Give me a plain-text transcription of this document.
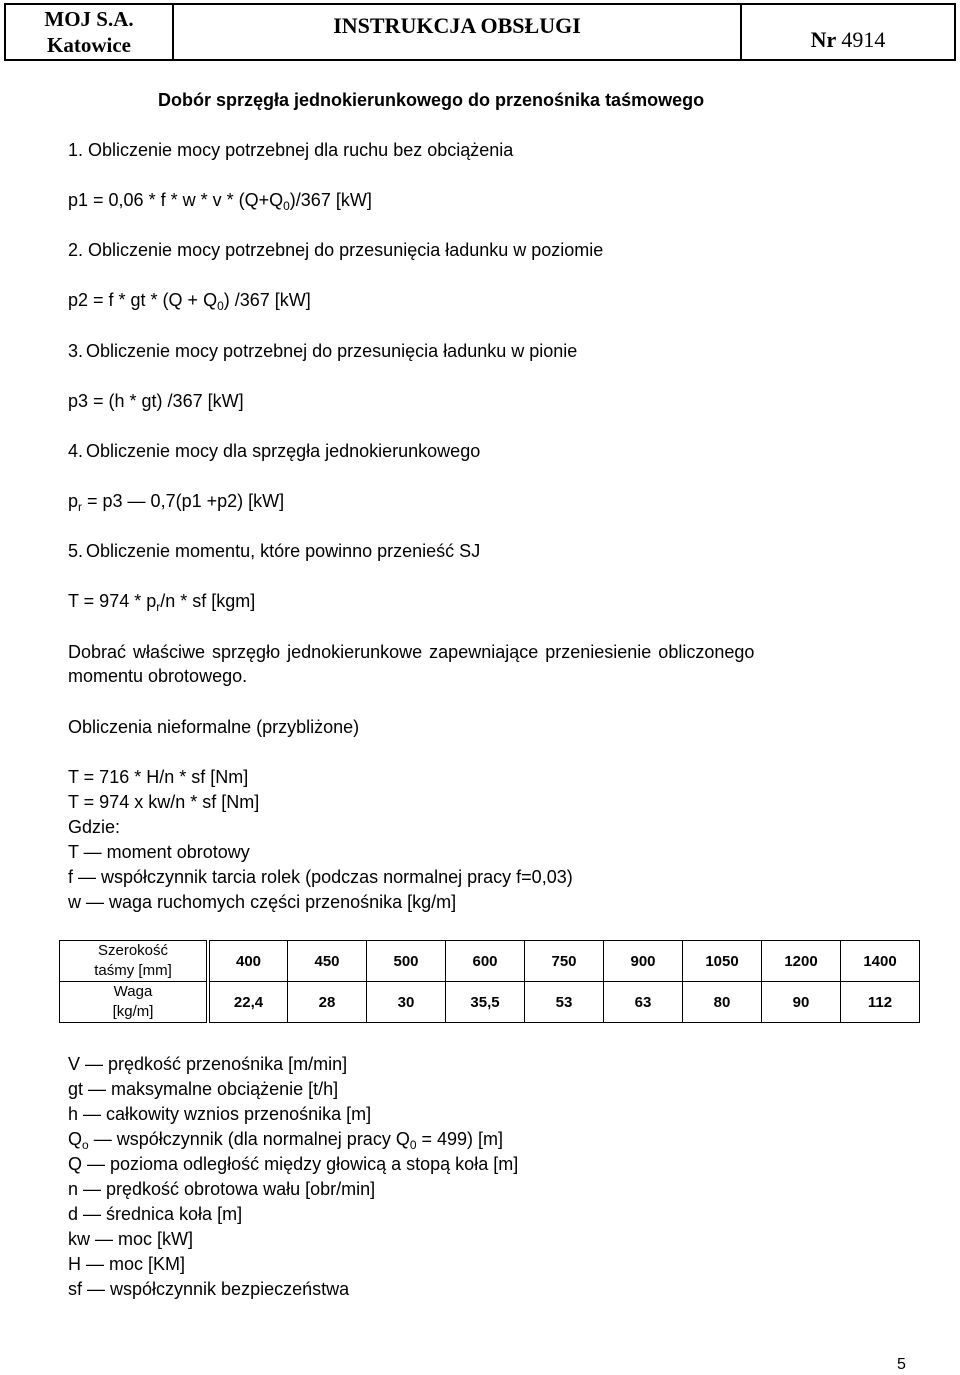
MOJ S.A.
Katowice
INSTRUKCJA OBSŁUGI
Nr 4914
Dobór sprzęgła jednokierunkowego do przenośnika taśmowego
1. Obliczenie mocy potrzebnej dla ruchu bez obciążenia
$p1 = 0,06 * f * w * v * (Q+Q_0)/367$ [kW]
2. Obliczenie mocy potrzebnej do przesunięcia ładunku w poziomie
p2 = f * gt * $(Q + Q_0)$ /367 [kW]
3. Obliczenie mocy potrzebnej do przesunięcia ładunku w pionie
p3 = (h * gt) /367 [kW]
4. Obliczenie mocy dla sprzęgła jednokierunkowego
$p_r = p3$ — 0,7(p1 +p2) [kW]
5. Obliczenie momentu, które powinno przenieść SJ
$T = 974 * p_r/n$ * sf [kgm]
Dobrać właściwe sprzęgło jednokierunkowe zapewniające przeniesienie obliczonego
momentu obrotowego.
Obliczenia nieformalne (przybliżone)
T = 716 * H/n * sf [Nm]
T = 974 x kw/n * sf [Nm]
Gdzie:
T — moment obrotowy
f — współczynnik tarcia rolek (podczas normalnej pracy f=0,03)
w — waga ruchomych części przenośnika [kg/m]
Szerokość
taśmy [mm]		400	450	500	600	750	900	1050	1200	1400

Waga
[kg/m]		22,4	28	30	35,5	53	63	80	90	112
V — prędkość przenośnika [m/min]
gt — maksymalne obciążenie [t/h]
h — całkowity wznios przenośnika [m]
$Q_o$ — współczynnik (dla normalnej pracy $Q_0 = 499$) [m]
Q — pozioma odległość między głowicą a stopą koła [m]
n — prędkość obrotowa wału [obr/min]
d — średnica koła [m]
kw — moc [kW]
H — moc [KM]
sf — współczynnik bezpieczeństwa
5
